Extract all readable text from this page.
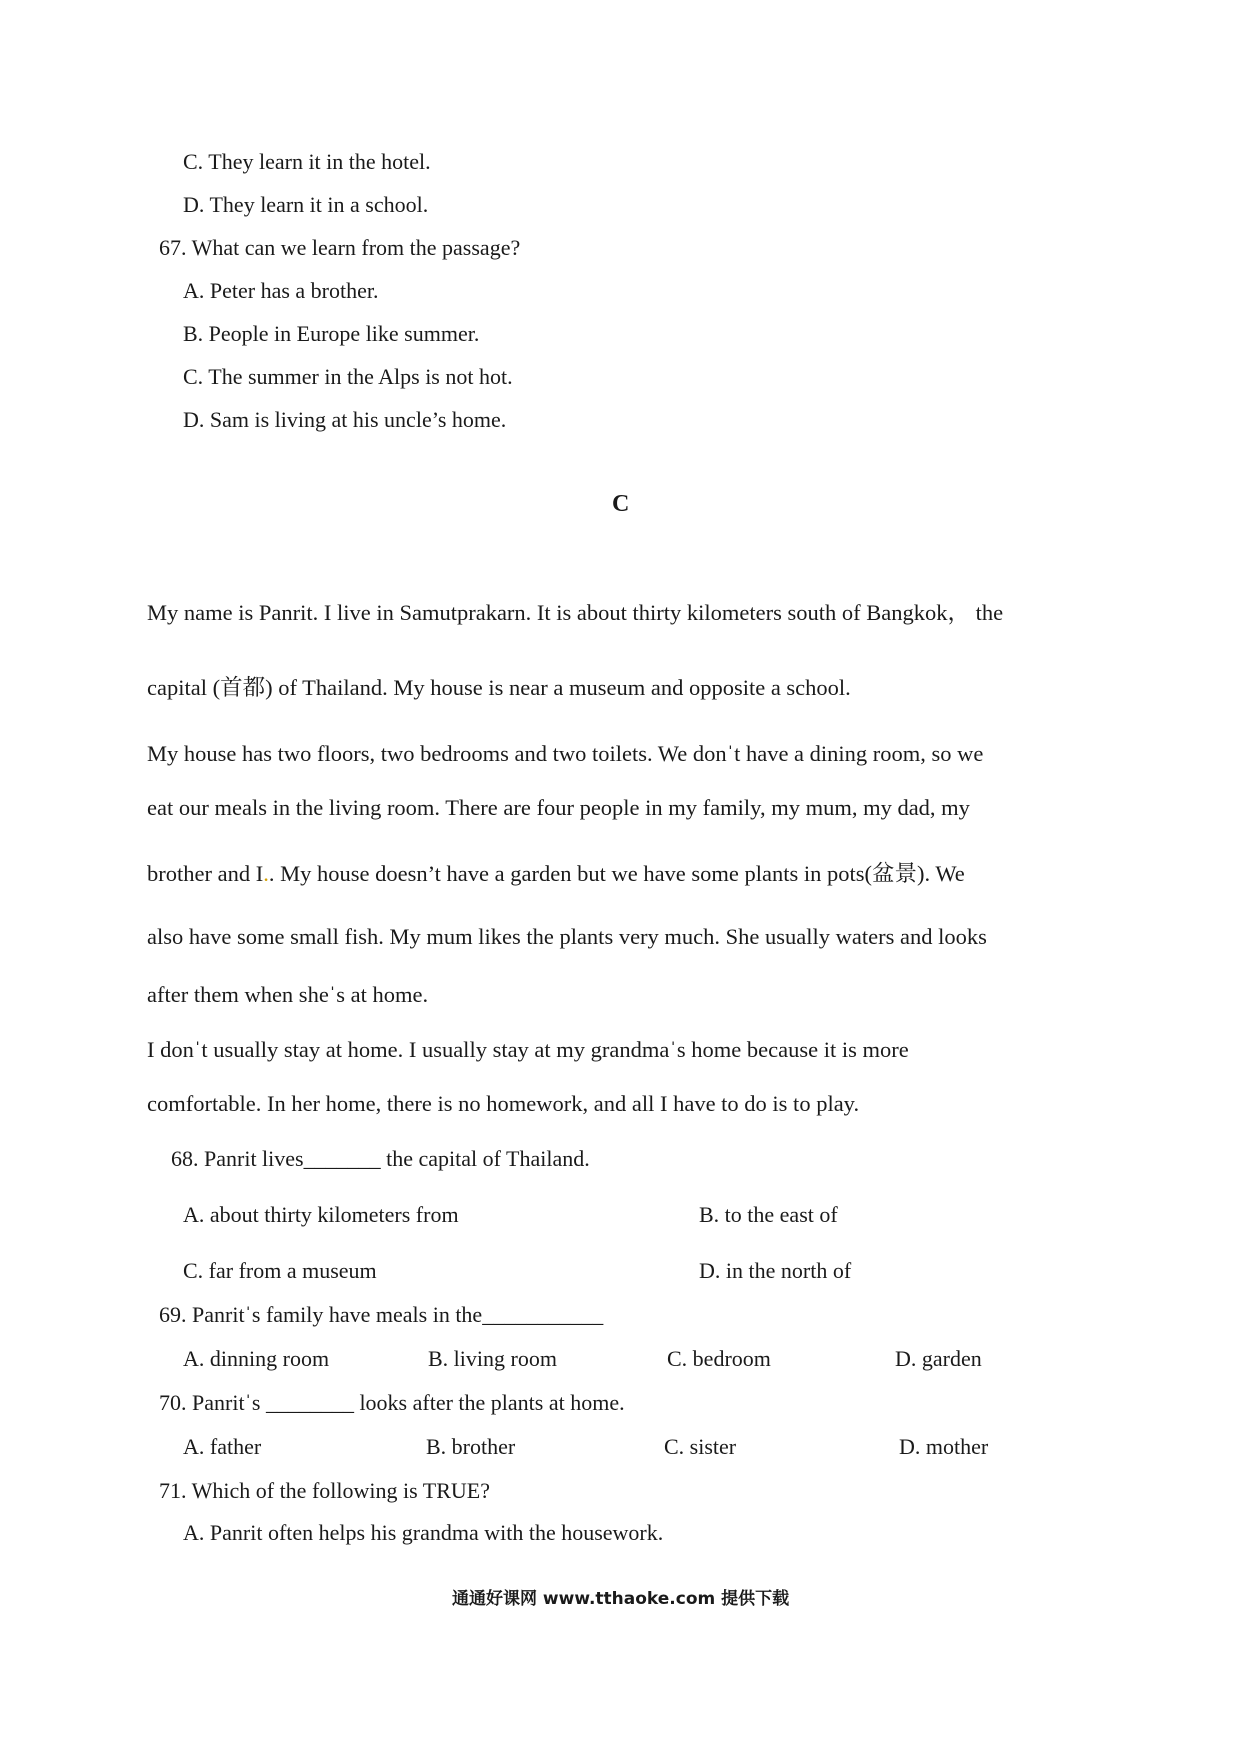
C. They learn it in the hotel.
D. They learn it in a school.
67. What can we learn from the passage?
A. Peter has a brother.
B. People in Europe like summer.
C. The summer in the Alps is not hot.
D. Sam is living at his uncle’s home.
C
My name is Panrit. I live in Samutprakarn. It is about thirty kilometers south of Bangkok， the
capital (首都) of Thailand. My house is near a museum and opposite a school.
My house has two floors, two bedrooms and two toilets. We donˈt have a dining room, so we
eat our meals in the living room. There are four people in my family, my mum, my dad, my
brother and I.. My house doesn’t have a garden but we have some plants in pots(盆景). We
also have some small fish. My mum likes the plants very much. She usually waters and looks
after them when sheˈs at home.
I donˈt usually stay at home. I usually stay at my grandmaˈs home because it is more
comfortable. In her home, there is no homework, and all I have to do is to play.
68. Panrit lives_______ the capital of Thailand.
A. about thirty kilometers from	B. to the east of
C. far from a museum	D. in the north of
69. Panritˈs family have meals in the___________
A. dinning room	B. living room	C. bedroom	D. garden
70. Panritˈs ________ looks after the plants at home.
A. father	B. brother	C. sister	D. mother
71. Which of the following is TRUE?
A. Panrit often helps his grandma with the housework.
通通好课网 www.tthaoke.com 提供下载
